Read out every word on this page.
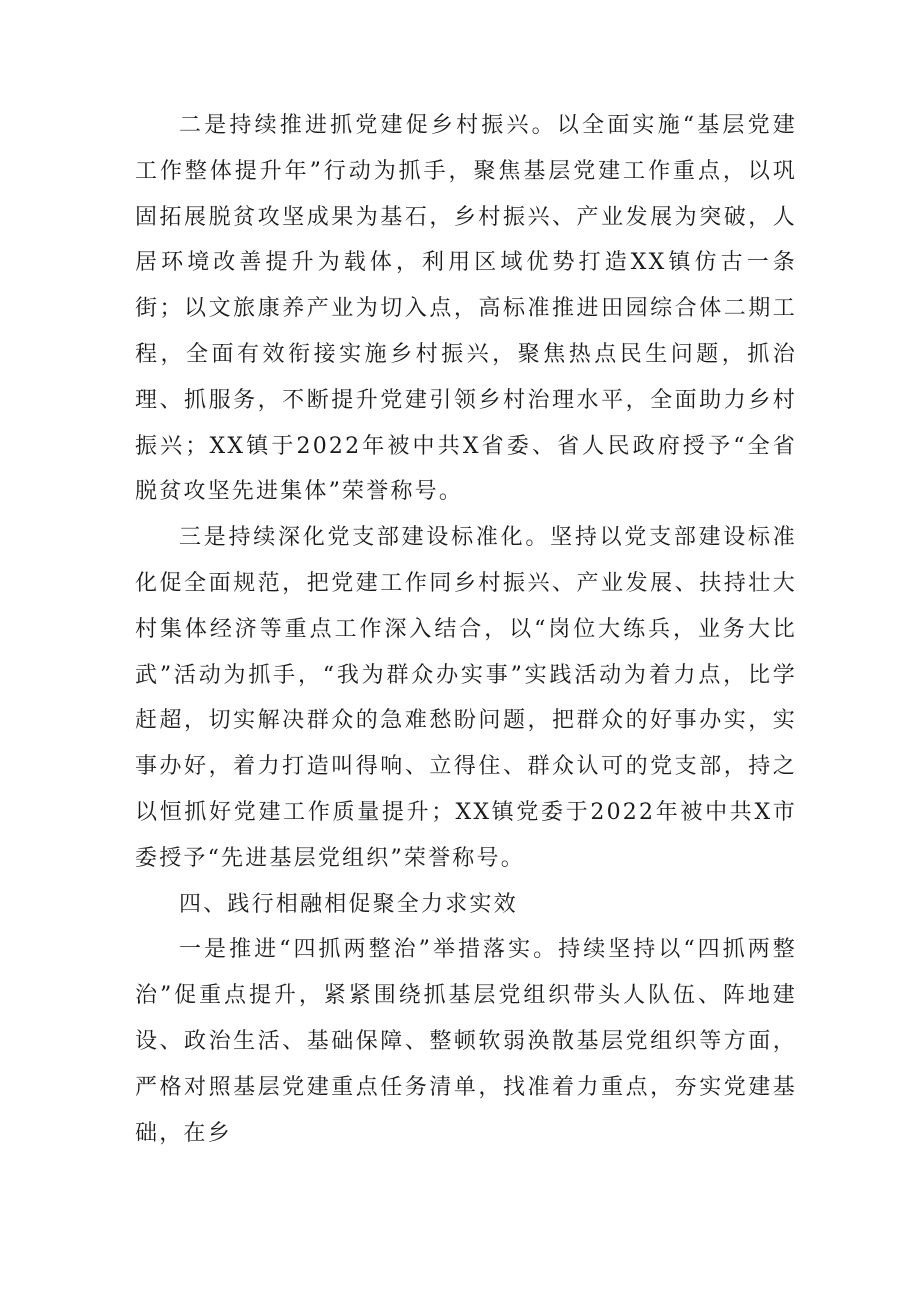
二是持续推进抓党建促乡村振兴。以全面实施“基层党建工作整体提升年”行动为抓手，聚焦基层党建工作重点，以巩固拓展脱贫攻坚成果为基石，乡村振兴、产业发展为突破，人居环境改善提升为载体，利用区域优势打造XX镇仿古一条街；以文旅康养产业为切入点，高标准推进田园综合体二期工程，全面有效衔接实施乡村振兴，聚焦热点民生问题，抓治理、抓服务，不断提升党建引领乡村治理水平，全面助力乡村振兴；XX镇于2022年被中共X省委、省人民政府授予“全省脱贫攻坚先进集体”荣誉称号。

三是持续深化党支部建设标准化。坚持以党支部建设标准化促全面规范，把党建工作同乡村振兴、产业发展、扶持壮大村集体经济等重点工作深入结合，以“岗位大练兵，业务大比武”活动为抓手，“我为群众办实事”实践活动为着力点，比学赶超，切实解决群众的急难愁盼问题，把群众的好事办实，实事办好，着力打造叫得响、立得住、群众认可的党支部，持之以恒抓好党建工作质量提升；XX镇党委于2022年被中共X市委授予“先进基层党组织”荣誉称号。

四、践行相融相促聚全力求实效

一是推进“四抓两整治”举措落实。持续坚持以“四抓两整治”促重点提升，紧紧围绕抓基层党组织带头人队伍、阵地建设、政治生活、基础保障、整顿软弱涣散基层党组织等方面，严格对照基层党建重点任务清单，找准着力重点，夯实党建基础，在乡
